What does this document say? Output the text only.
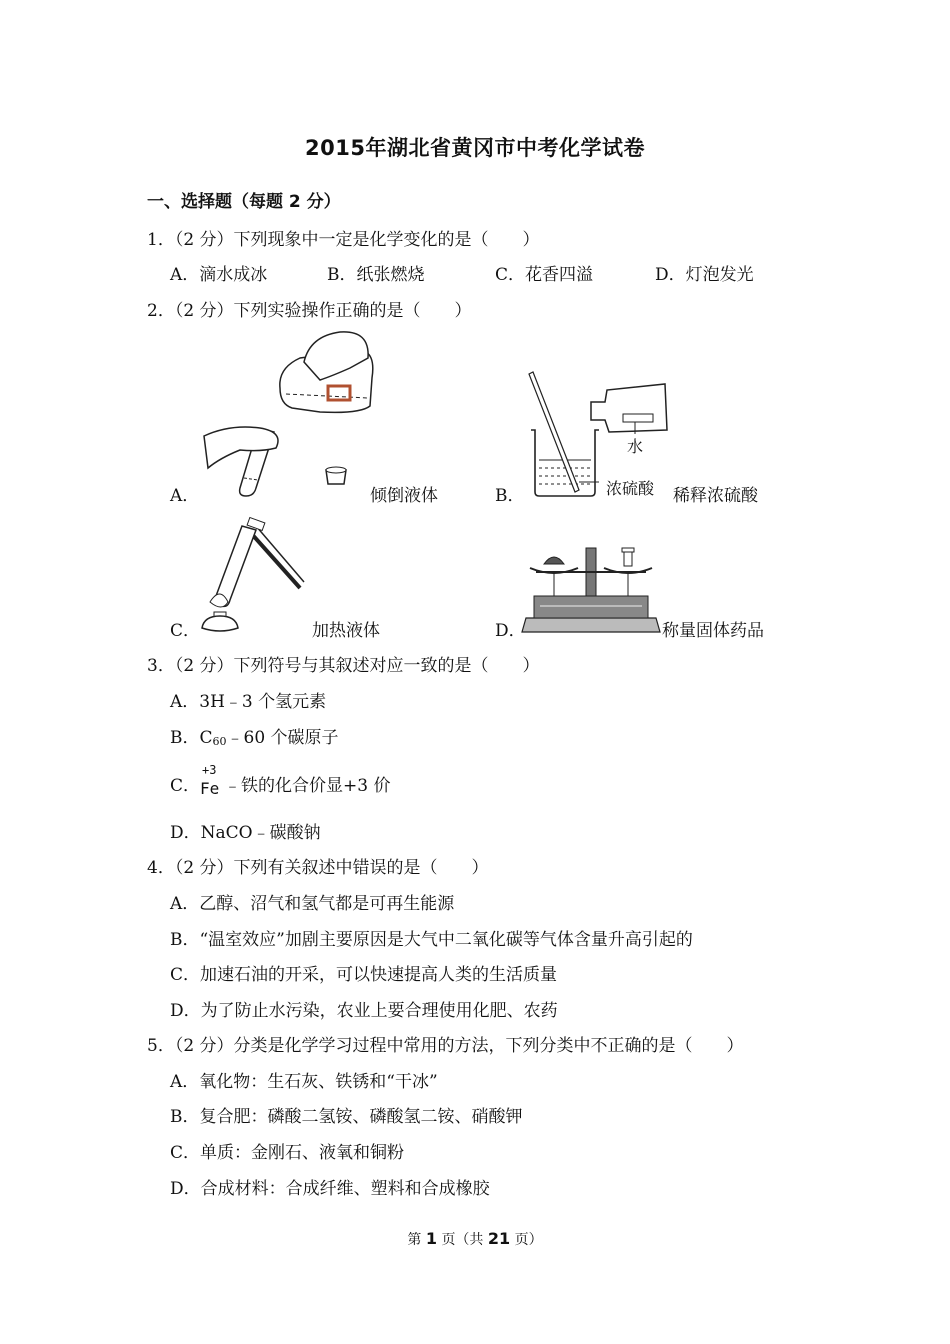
2015年湖北省黄冈市中考化学试卷
一、选择题（每题 2 分）
1．（2 分）下列现象中一定是化学变化的是（　　）
A．滴水成冰	B．纸张燃烧	C．花香四溢	D．灯泡发光
2．（2 分）下列实验操作正确的是（　　）
A．	倾倒液体
水
浓硫酸
B．	稀释浓硫酸
C．	加热液体	D．	称量固体药品
3．（2 分）下列符号与其叙述对应一致的是（　　）
A．3H﹣3 个氢元素
B．C60﹣60 个碳原子
C．
+3
Fe ﹣铁的化合价显+3 价
D．NaCO﹣碳酸钠
4．（2 分）下列有关叙述中错误的是（　　）
A．乙醇、沼气和氢气都是可再生能源
B．“温室效应”加剧主要原因是大气中二氧化碳等气体含量升高引起的
C．加速石油的开采，可以快速提高人类的生活质量
D．为了防止水污染，农业上要合理使用化肥、农药
5．（2 分）分类是化学学习过程中常用的方法，下列分类中不正确的是（　　）
A．氧化物：生石灰、铁锈和“干冰”
B．复合肥：磷酸二氢铵、磷酸氢二铵、硝酸钾
C．单质：金刚石、液氧和铜粉
D．合成材料：合成纤维、塑料和合成橡胶
第 1 页（共 21 页）
